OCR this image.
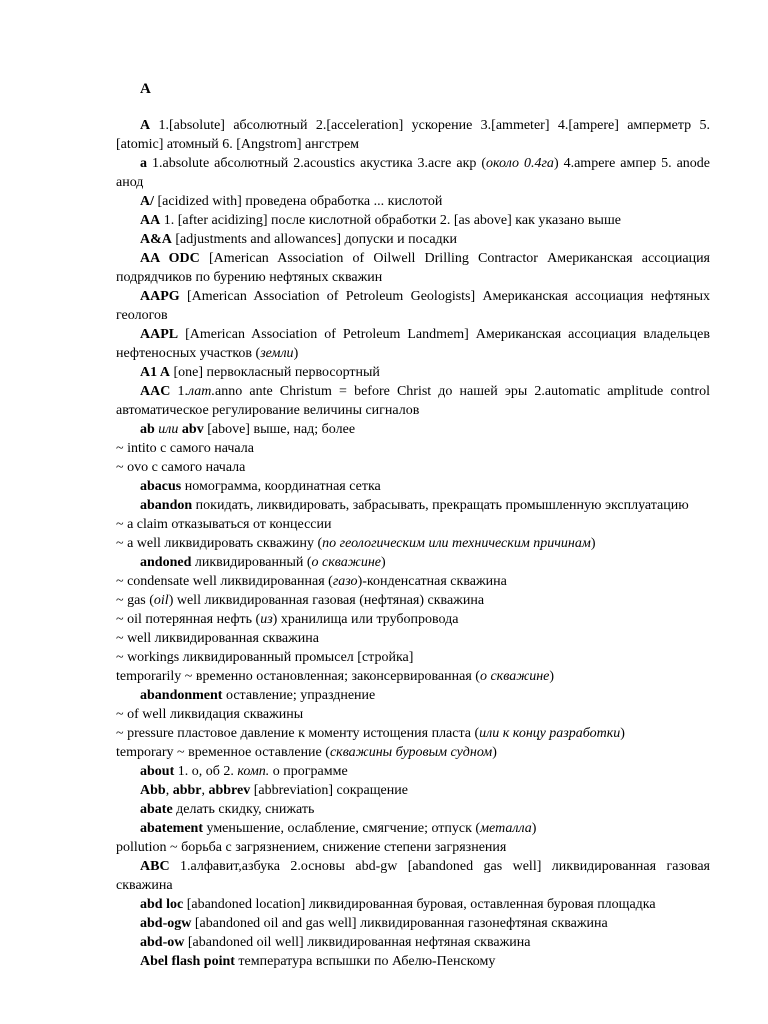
A

A 1.[absolute] абсолютный 2.[acceleration] ускорение 3.[ammeter] 4.[ampere] амперметр 5. [atomic] атомный 6. [Angstrom] ангстрем

a 1.absolute абсолютный 2.acoustics акустика 3.acre акр (около 0.4га) 4.ampere ампер 5. anode анод

A/ [acidized with] проведена обработка ... кислотой

AA 1. [after acidizing] после кислотной обработки 2. [as above] как указано выше

A&A [adjustments and allowances] допуски и посадки

AA ODC [American Association of Oilwell Drilling Contractor Американская ассоциация подрядчиков по бурению нефтяных скважин

AAPG [American Association of Petroleum Geologists] Американская ассоциация нефтяных геологов

AAPL [American Association of Petroleum Landmem] Американская ассоциация владельцев нефтеносных участков (земли)

A1 A [one] первокласный первосортный

AAC 1.лат.anno ante Christum = before Christ до нашей эры 2.automatic amplitude control автоматическое регулирование величины сигналов

ab или abv [above] выше, над; более

~ intito с самого начала

~ ovo с самого начала

abacus номограмма, координатная сетка

abandon покидать, ликвидировать, забрасывать, прекращать промышленную эксплуатацию

~ a claim отказываться от концессии

~ a well ликвидировать скважину (по геологическим или техническим причинам)

andoned ликвидированный (о скважине)

~ condensate well ликвидированная (газо)-конденсатная скважина

~ gas (oil) well ликвидированная газовая (нефтяная) скважина

~ oil потерянная нефть (из) хранилища или трубопровода

~ well ликвидированная скважина

~ workings ликвидированный промысел [стройка]

temporarily ~ временно остановленная; законсервированная (о скважине)

abandonment оставление; упразднение

~ of well ликвидация скважины

~ pressure пластовое давление к моменту истощения пласта (или к концу разработки)

temporary ~ временное оставление (скважины буровым судном)

about 1. о, об 2. комп. о программе

Abb, abbr, abbrev [abbreviation] сокращение

abate делать скидку, снижать

abatement уменьшение, ослабление, смягчение; отпуск (металла)

pollution ~ борьба с загрязнением, снижение степени загрязнения

ABC 1.алфавит,азбука 2.основы abd-gw [abandoned gas well] ликвидированная газовая скважина

abd loc [abandoned location] ликвидированная буровая, оставленная буровая площадка

abd-ogw [abandoned oil and gas well] ликвидированная газонефтяная скважина

abd-ow [abandoned oil well] ликвидированная нефтяная скважина

Abel flash point температура вспышки по Абелю-Пенскому
